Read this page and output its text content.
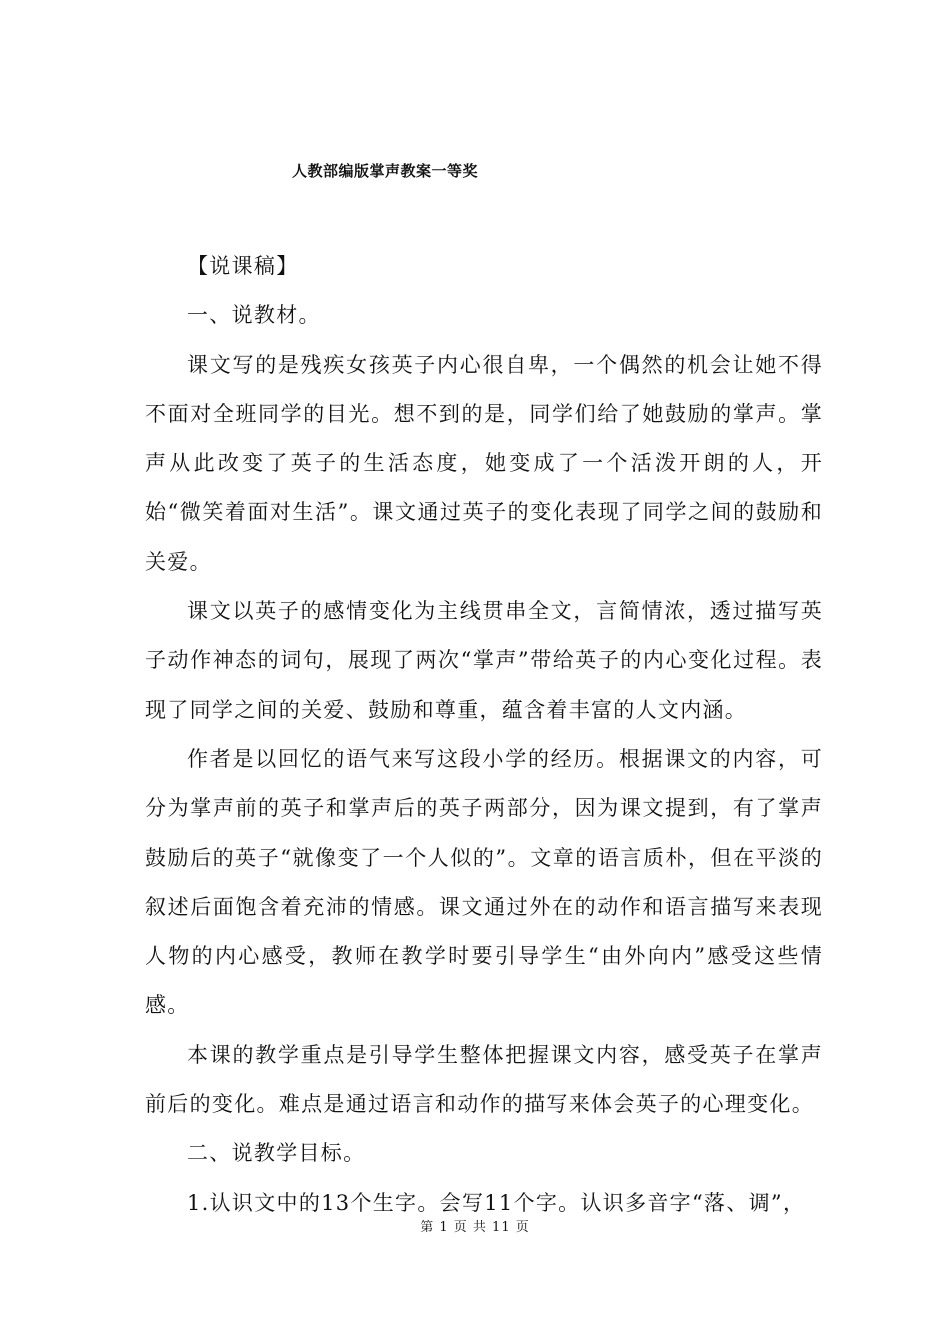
人教部编版掌声教案一等奖

【说课稿】

一、说教材。

课文写的是残疾女孩英子内心很自卑，一个偶然的机会让她不得不面对全班同学的目光。想不到的是，同学们给了她鼓励的掌声。掌声从此改变了英子的生活态度，她变成了一个活泼开朗的人，开始“微笑着面对生活”。课文通过英子的变化表现了同学之间的鼓励和关爱。

课文以英子的感情变化为主线贯串全文，言简情浓，透过描写英子动作神态的词句，展现了两次“掌声”带给英子的内心变化过程。表现了同学之间的关爱、鼓励和尊重，蕴含着丰富的人文内涵。

作者是以回忆的语气来写这段小学的经历。根据课文的内容，可分为掌声前的英子和掌声后的英子两部分，因为课文提到，有了掌声鼓励后的英子“就像变了一个人似的”。文章的语言质朴，但在平淡的叙述后面饱含着充沛的情感。课文通过外在的动作和语言描写来表现人物的内心感受，教师在教学时要引导学生“由外向内”感受这些情感。

本课的教学重点是引导学生整体把握课文内容，感受英子在掌声前后的变化。难点是通过语言和动作的描写来体会英子的心理变化。

二、说教学目标。

1.认识文中的13个生字。会写11个字。认识多音字“落、调”，

第 1 页 共 11 页
